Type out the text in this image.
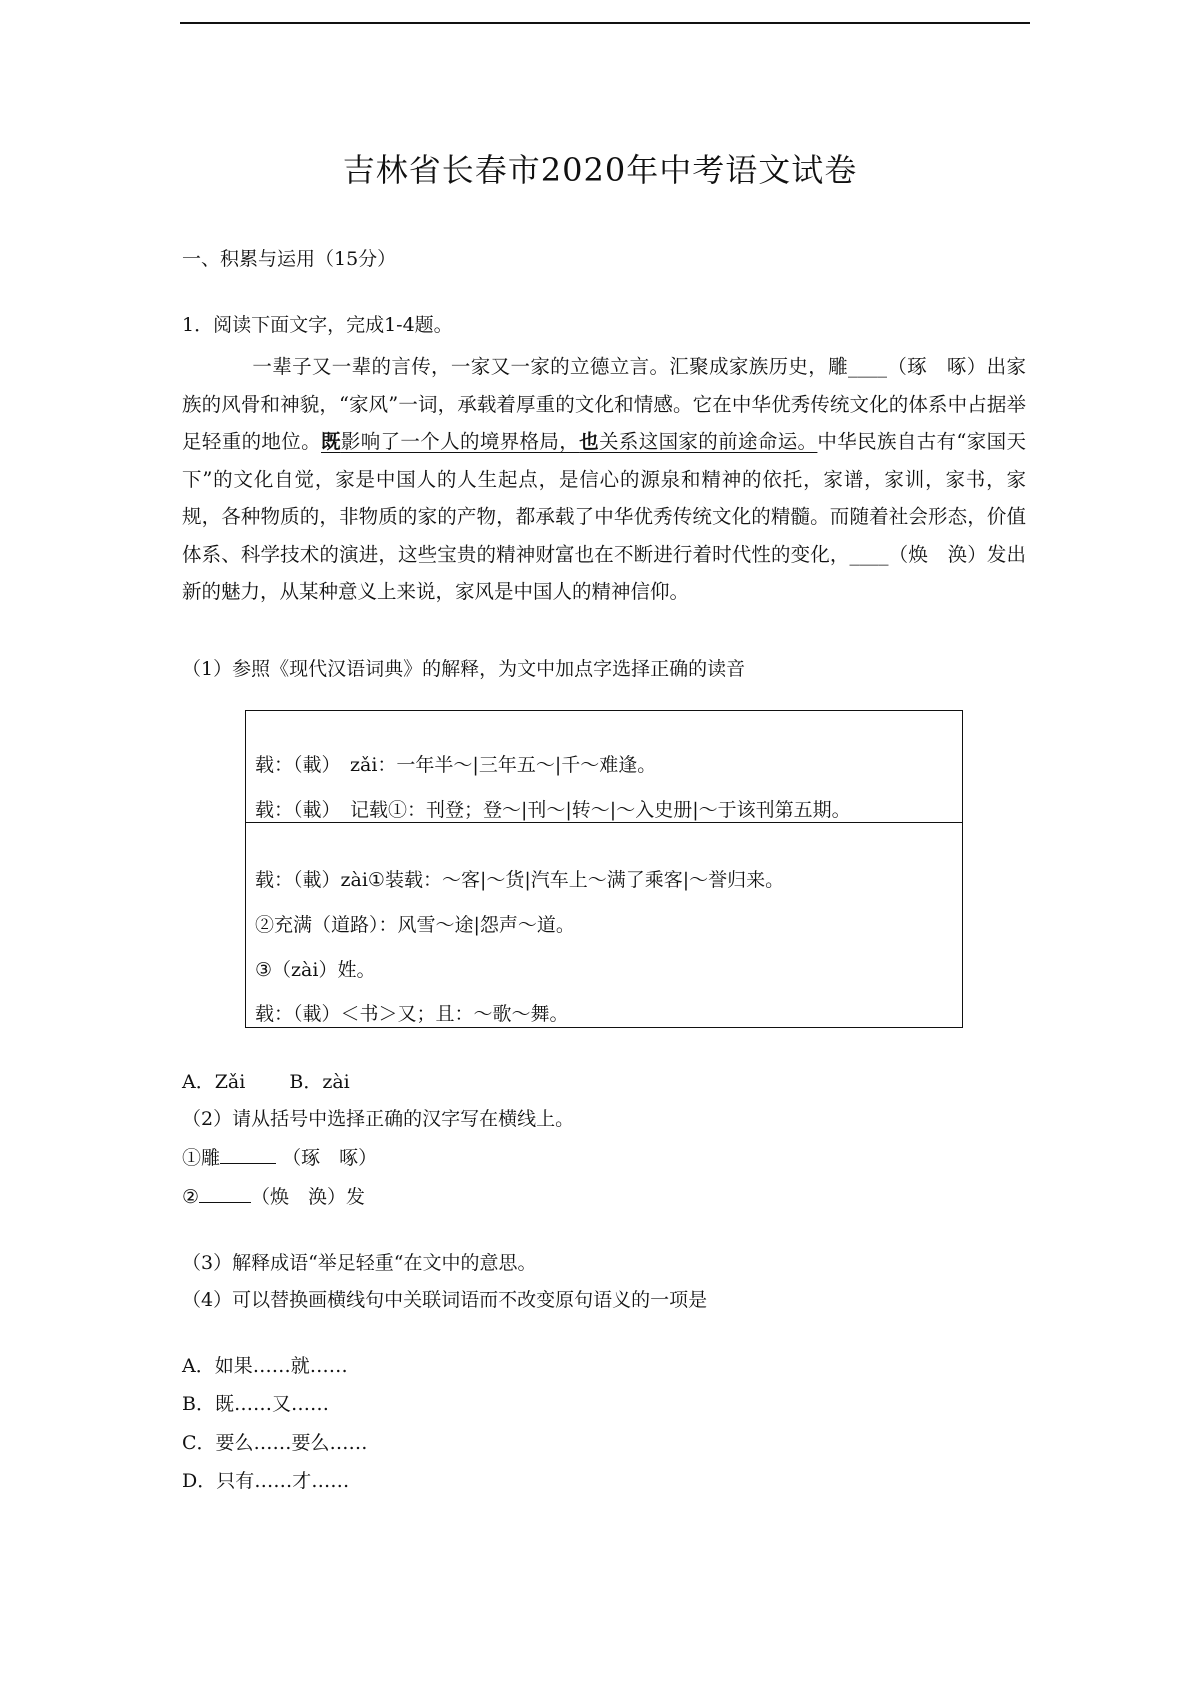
吉林省长春市2020年中考语文试卷
一、积累与运用（15分）
1．阅读下面文字，完成1-4题。

一辈子又一辈的言传，一家又一家的立德立言。汇聚成家族历史，雕____（琢　啄）出家族的风骨和神貌，“家风”一词，承载着厚重的文化和情感。它在中华优秀传统文化的体系中占据举足轻重的地位。既影响了一个人的境界格局，也关系这国家的前途命运。中华民族自古有“家国天下”的文化自觉，家是中国人的人生起点，是信心的源泉和精神的依托，家谱，家训，家书，家规，各种物质的，非物质的家的产物，都承载了中华优秀传统文化的精髓。而随着社会形态，价值体系、科学技术的演进，这些宝贵的精神财富也在不断进行着时代性的变化，____（焕　涣）发出新的魅力，从某种意义上来说，家风是中国人的精神信仰。

（1）参照《现代汉语词典》的解释，为文中加点字选择正确的读音
载：（載）　zǎi：一年半～|三年五～|千～难逢。
载：（載）　记载①：刊登；登～|刊～|转～|～入史册|～于该刊第五期。
载：（載）zài①装载：～客|～货|汽车上～满了乘客|～誉归来。
②充满（道路）：风雪～途|怨声～道。
③（zài）姓。
载：（載）＜书＞又；且：～歌～舞。
A．Zǎi　　 B．zài
（2）请从括号中选择正确的汉字写在横线上。
①雕	（琢　啄）
②	（焕　涣）发
（3）解释成语“举足轻重“在文中的意思。
（4）可以替换画横线句中关联词语而不改变原句语义的一项是
A．如果……就……
B．既……又……
C．要么……要么……
D．只有……才……
